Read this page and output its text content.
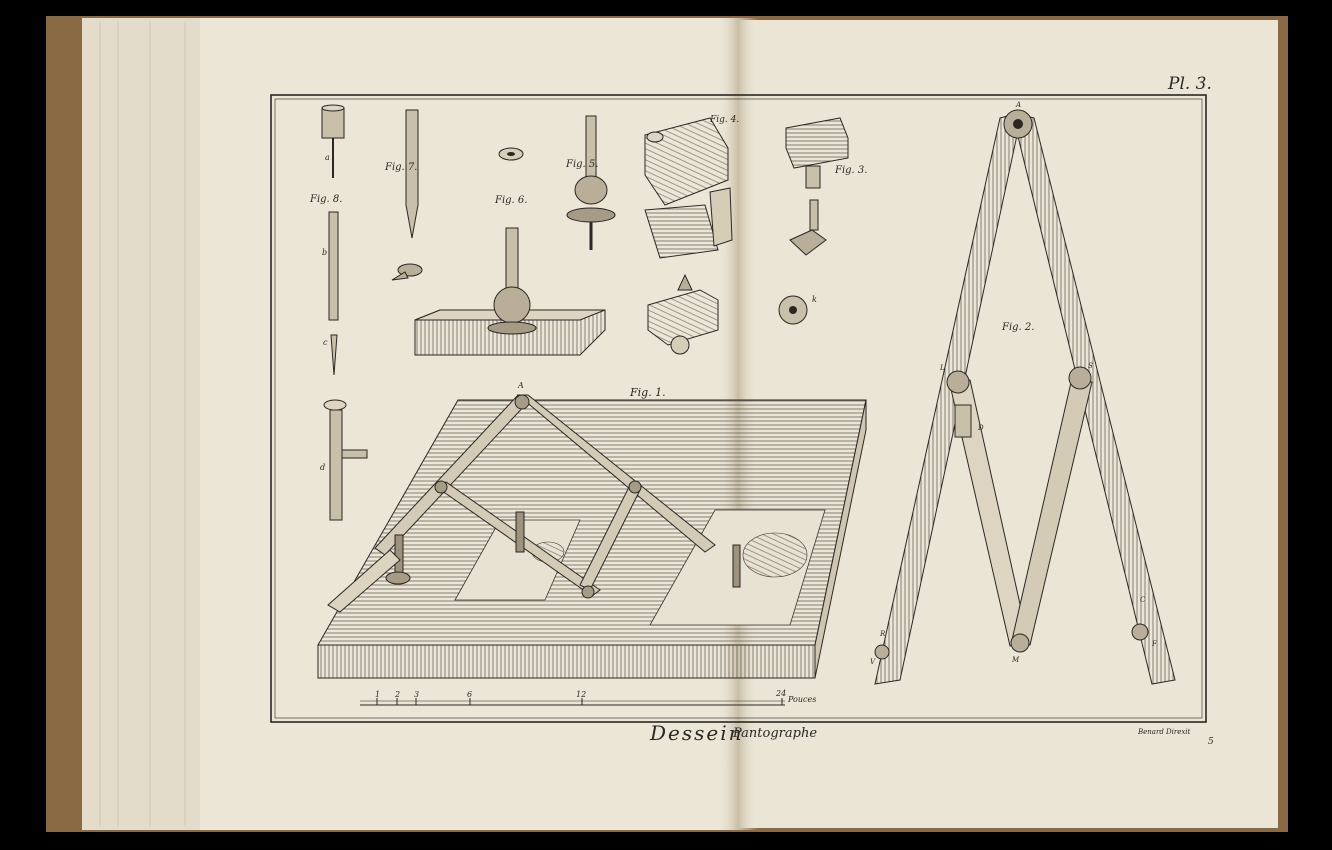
Fig. 1.
A
1 2 3	6	12	24
Pouces
a
Fig. 8.
b
c
d
Fig. 7.
Fig. 6.
Fig. 5.
Fig. 4.
Fig. 3.
k
Fig. 2.
A
L	S
D
C
F
M
V
R
Pl. 3.
Dessein
Pantographe	Benard Direxit
5
